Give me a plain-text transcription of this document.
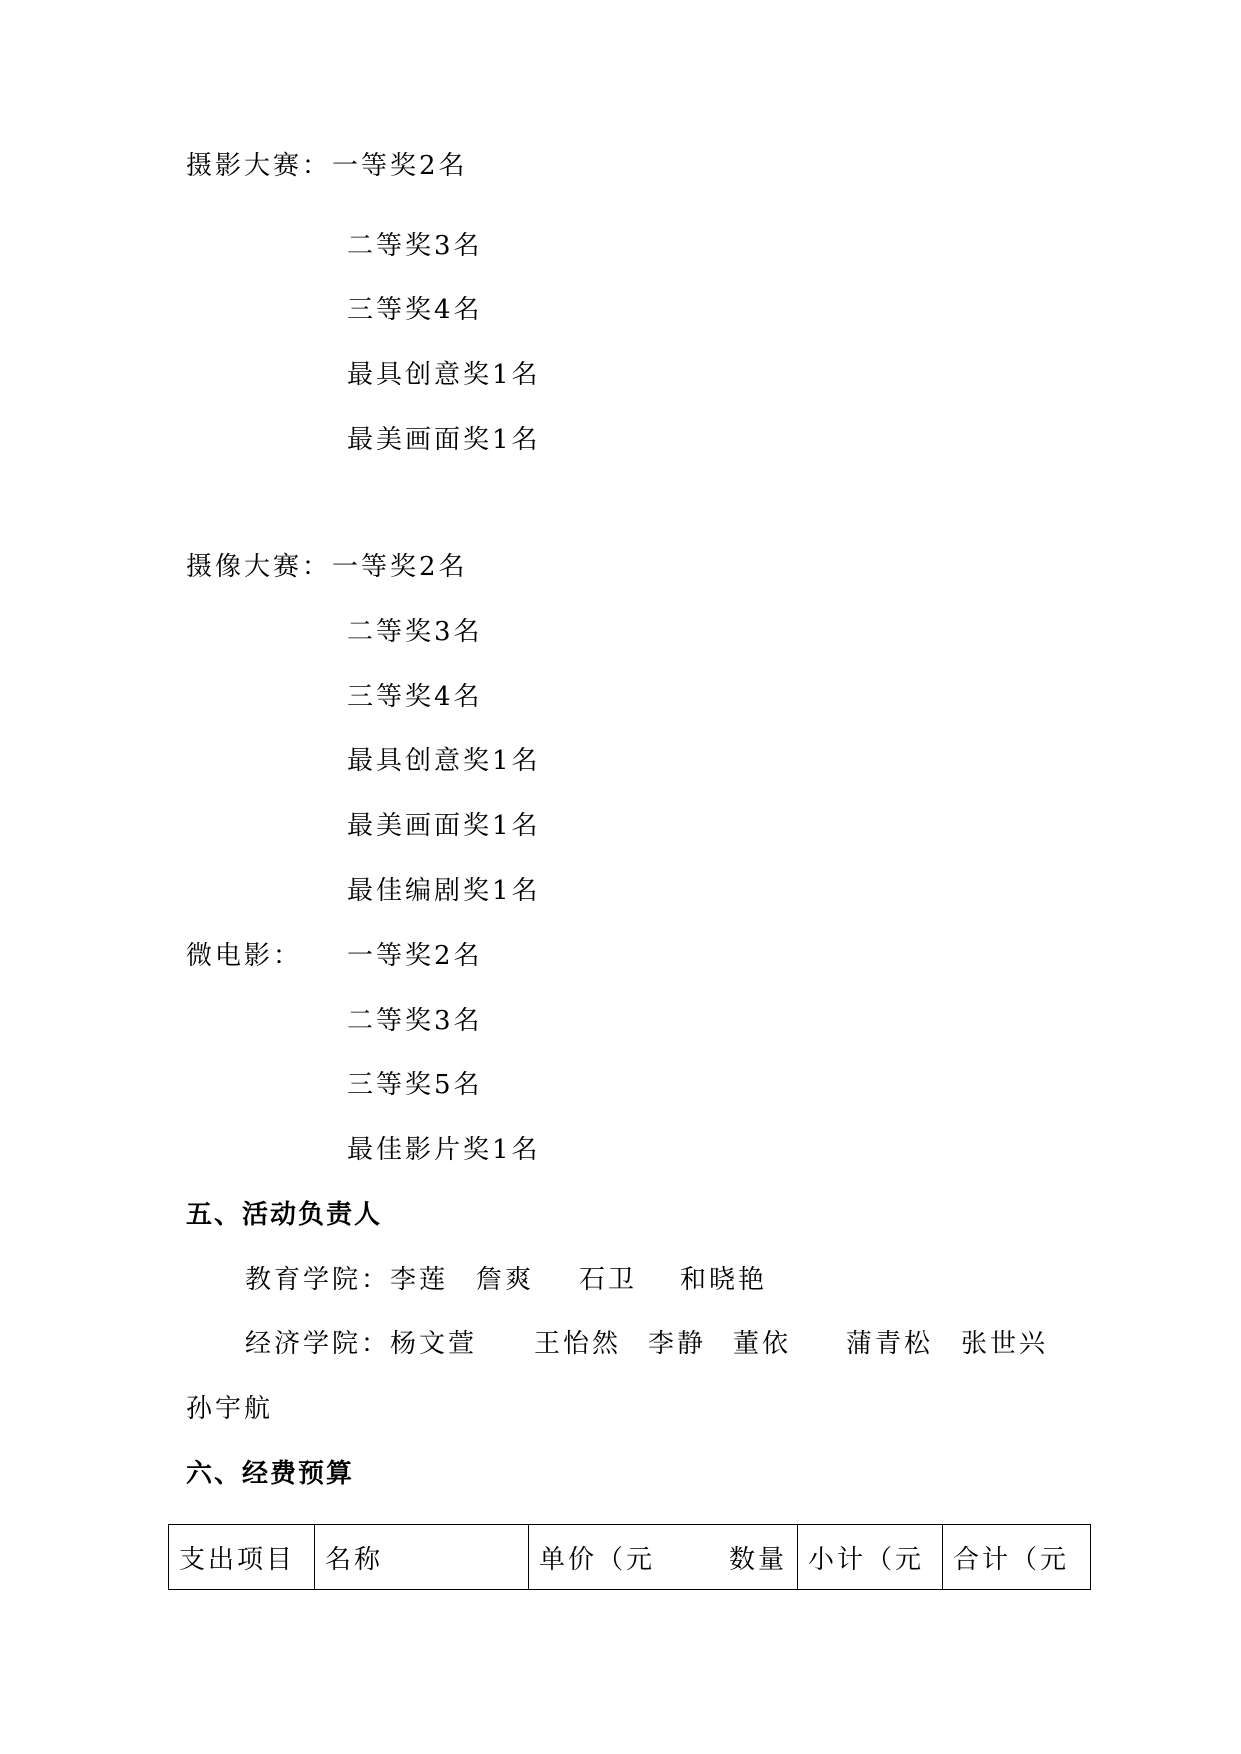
摄影大赛： 一等奖2名
二等奖3名
三等奖4名
最具创意奖1名
最美画面奖1名
摄像大赛： 一等奖2名
二等奖3名
三等奖4名
最具创意奖1名
最美画面奖1名
最佳编剧奖1名
微电影： 一等奖2名
二等奖3名
三等奖5名
最佳影片奖1名
五、活动负责人
教育学院： 李莲 詹爽 石卫 和晓艳
经济学院： 杨文萱 王怡然 李静 董依 蒲青松 张世兴
孙宇航
六、经费预算
支出项目	名称	单价（元	数量	小计（元	合计（元
